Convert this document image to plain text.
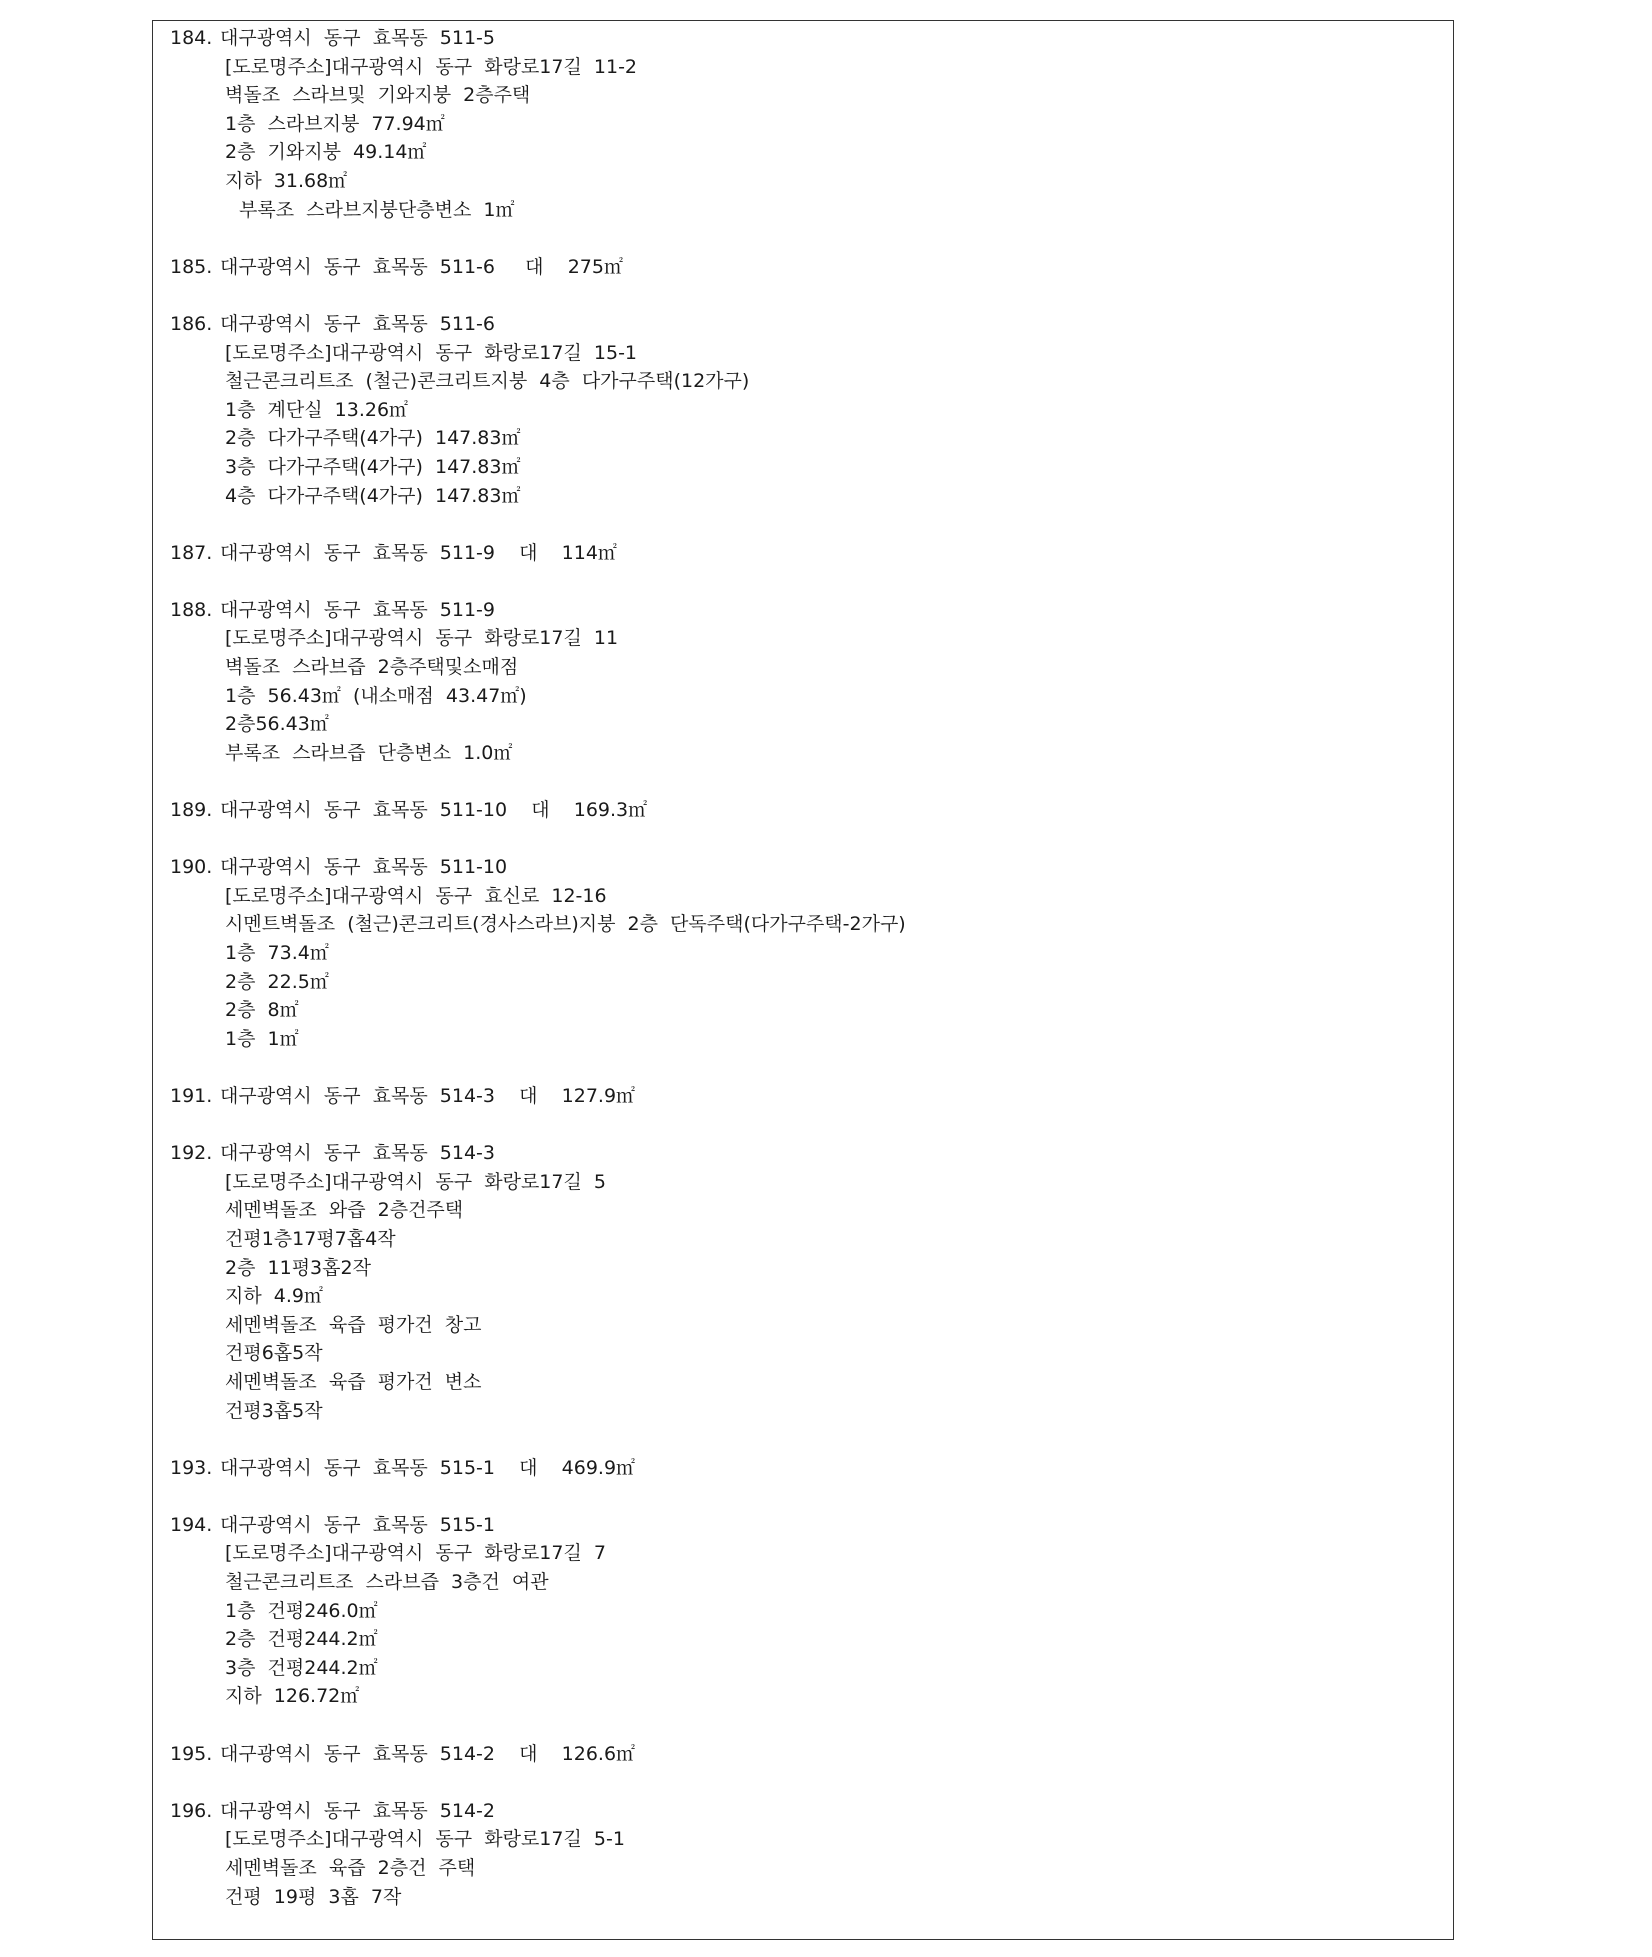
184. 대구광역시  동구  효목동  511-5
[도로명주소]대구광역시  동구  화랑로17길  11-2
벽돌조  스라브및  기와지붕  2층주택
1층  스라브지붕  77.94㎡
2층  기와지붕  49.14㎡
지하  31.68㎡
부록조  스라브지붕단층변소  1㎡
185. 대구광역시  동구  효목동  511-6     대    275㎡
186. 대구광역시  동구  효목동  511-6
[도로명주소]대구광역시  동구  화랑로17길  15-1
철근콘크리트조  (철근)콘크리트지붕  4층  다가구주택(12가구)
1층  계단실  13.26㎡
2층  다가구주택(4가구)  147.83㎡
3층  다가구주택(4가구)  147.83㎡
4층  다가구주택(4가구)  147.83㎡
187. 대구광역시  동구  효목동  511-9    대    114㎡
188. 대구광역시  동구  효목동  511-9
[도로명주소]대구광역시  동구  화랑로17길  11
벽돌조  스라브즙  2층주택및소매점
1층  56.43㎡  (내소매점  43.47㎡)
2층56.43㎡
부록조  스라브즙  단층변소  1.0㎡
189. 대구광역시  동구  효목동  511-10    대    169.3㎡
190. 대구광역시  동구  효목동  511-10
[도로명주소]대구광역시  동구  효신로  12-16
시멘트벽돌조  (철근)콘크리트(경사스라브)지붕  2층  단독주택(다가구주택-2가구)
1층  73.4㎡
2층  22.5㎡
2층  8㎡
1층  1㎡
191. 대구광역시  동구  효목동  514-3    대    127.9㎡
192. 대구광역시  동구  효목동  514-3
[도로명주소]대구광역시  동구  화랑로17길  5
세멘벽돌조  와즙  2층건주택
건평1층17평7홉4작
2층  11평3홉2작
지하  4.9㎡
세멘벽돌조  육즙  평가건  창고
건평6홉5작
세멘벽돌조  육즙  평가건  변소
건평3홉5작
193. 대구광역시  동구  효목동  515-1    대    469.9㎡
194. 대구광역시  동구  효목동  515-1
[도로명주소]대구광역시  동구  화랑로17길  7
철근콘크리트조  스라브즙  3층건  여관
1층  건평246.0㎡
2층  건평244.2㎡
3층  건평244.2㎡
지하  126.72㎡
195. 대구광역시  동구  효목동  514-2    대    126.6㎡
196. 대구광역시  동구  효목동  514-2
[도로명주소]대구광역시  동구  화랑로17길  5-1
세멘벽돌조  육즙  2층건  주택
건평  19평  3홉  7작
